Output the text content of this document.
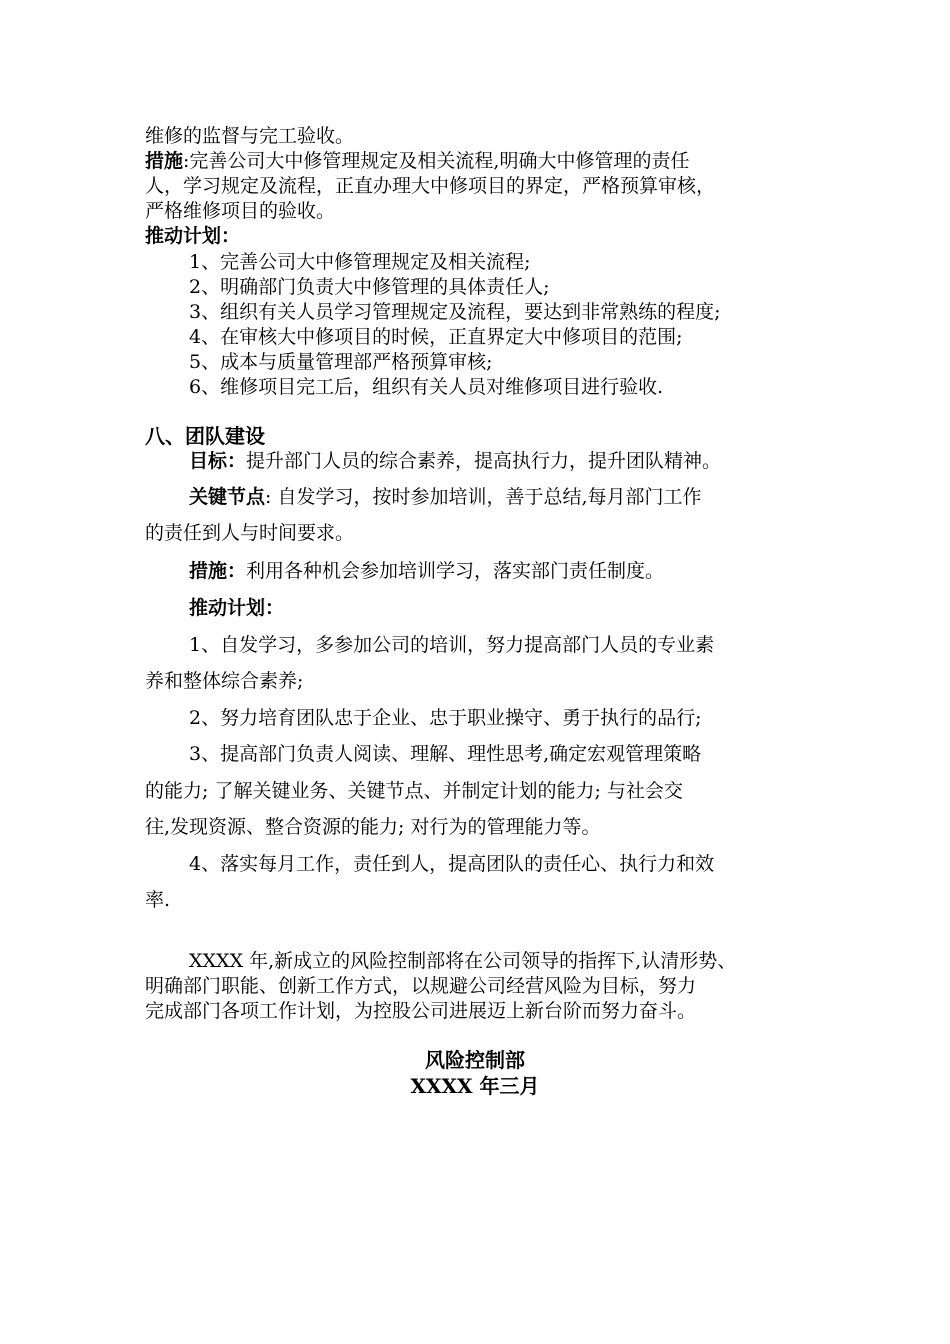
维修的监督与完工验收。

措施:完善公司大中修管理规定及相关流程,明确大中修管理的责任

人，学习规定及流程，正直办理大中修项目的界定，严格预算审核，

严格维修项目的验收。

推动计划：

1、完善公司大中修管理规定及相关流程;

2、明确部门负责大中修管理的具体责任人;

3、组织有关人员学习管理规定及流程，要达到非常熟练的程度;

4、在审核大中修项目的时候，正直界定大中修项目的范围;

5、成本与质量管理部严格预算审核;

6、维修项目完工后，组织有关人员对维修项目进行验收.

八、团队建设

目标：提升部门人员的综合素养，提高执行力，提升团队精神。

关键节点: 自发学习，按时参加培训，善于总结,每月部门工作

的责任到人与时间要求。

措施：利用各种机会参加培训学习，落实部门责任制度。

推动计划：

1、自发学习，多参加公司的培训，努力提高部门人员的专业素

养和整体综合素养;

2、努力培育团队忠于企业、忠于职业操守、勇于执行的品行;

3、提高部门负责人阅读、理解、理性思考,确定宏观管理策略

的能力; 了解关键业务、关键节点、并制定计划的能力; 与社会交

往,发现资源、整合资源的能力; 对行为的管理能力等。

4、落实每月工作，责任到人，提高团队的责任心、执行力和效

率.

XXXX 年,新成立的风险控制部将在公司领导的指挥下,认清形势、

明确部门职能、创新工作方式，以规避公司经营风险为目标，努力

完成部门各项工作计划，为控股公司进展迈上新台阶而努力奋斗。

风险控制部

XXXX 年三月
